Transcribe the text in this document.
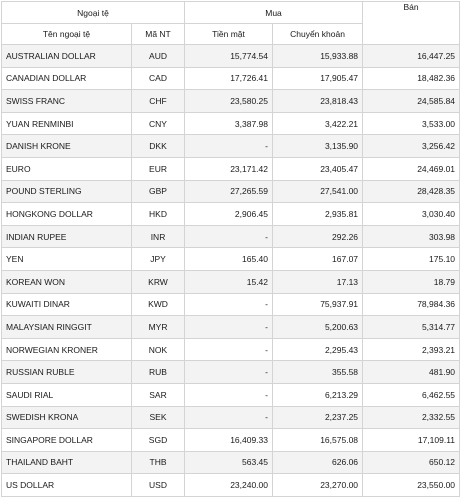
Ngoại tệ		Mua		Bán
Tên ngoại tệ	Mã NT	Tiền mặt	Chuyển khoản	
AUSTRALIAN DOLLAR	AUD	15,774.54	15,933.88	16,447.25
CANADIAN DOLLAR	CAD	17,726.41	17,905.47	18,482.36
SWISS FRANC	CHF	23,580.25	23,818.43	24,585.84
YUAN RENMINBI	CNY	3,387.98	3,422.21	3,533.00
DANISH KRONE	DKK	-	3,135.90	3,256.42
EURO	EUR	23,171.42	23,405.47	24,469.01
POUND STERLING	GBP	27,265.59	27,541.00	28,428.35
HONGKONG DOLLAR	HKD	2,906.45	2,935.81	3,030.40
INDIAN RUPEE	INR	-	292.26	303.98
YEN	JPY	165.40	167.07	175.10
KOREAN WON	KRW	15.42	17.13	18.79
KUWAITI DINAR	KWD	-	75,937.91	78,984.36
MALAYSIAN RINGGIT	MYR	-	5,200.63	5,314.77
NORWEGIAN KRONER	NOK	-	2,295.43	2,393.21
RUSSIAN RUBLE	RUB	-	355.58	481.90
SAUDI RIAL	SAR	-	6,213.29	6,462.55
SWEDISH KRONA	SEK	-	2,237.25	2,332.55
SINGAPORE DOLLAR	SGD	16,409.33	16,575.08	17,109.11
THAILAND BAHT	THB	563.45	626.06	650.12
US DOLLAR	USD	23,240.00	23,270.00	23,550.00
